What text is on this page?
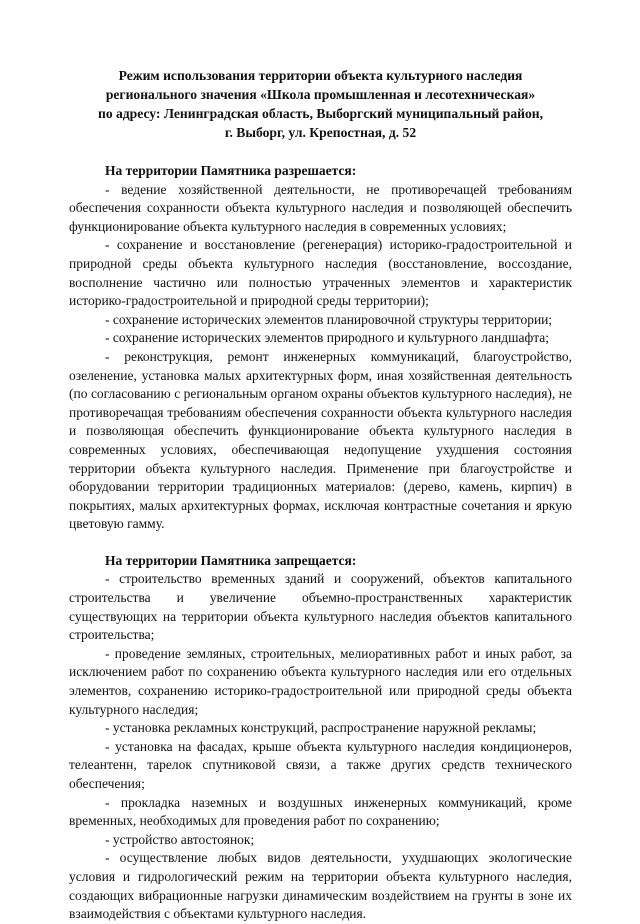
Режим использования территории объекта культурного наследия
регионального значения «Школа промышленная и лесотехническая»
по адресу: Ленинградская область, Выборгский муниципальный район,
г. Выборг, ул. Крепостная, д. 52

На территории Памятника разрешается:

- ведение хозяйственной деятельности, не противоречащей требованиям обеспечения сохранности объекта культурного наследия и позволяющей обеспечить функционирование объекта культурного наследия в современных условиях;

- сохранение и восстановление (регенерация) историко-градостроительной и природной среды объекта культурного наследия (восстановление, воссоздание, восполнение частично или полностью утраченных элементов и характеристик историко-градостроительной и природной среды территории);

- сохранение исторических элементов планировочной структуры территории;

- сохранение исторических элементов природного и культурного ландшафта;

- реконструкция, ремонт инженерных коммуникаций, благоустройство, озеленение, установка малых архитектурных форм, иная хозяйственная деятельность (по согласованию с региональным органом охраны объектов культурного наследия), не противоречащая требованиям обеспечения сохранности объекта культурного наследия и позволяющая обеспечить функционирование объекта культурного наследия в современных условиях, обеспечивающая недопущение ухудшения состояния территории объекта культурного наследия. Применение при благоустройстве и оборудовании территории традиционных материалов: (дерево, камень, кирпич) в покрытиях, малых архитектурных формах, исключая контрастные сочетания и яркую цветовую гамму.

На территории Памятника запрещается:

- строительство временных зданий и сооружений, объектов капитального строительства и увеличение объемно-пространственных характеристик существующих на территории объекта культурного наследия объектов капитального строительства;

- проведение земляных, строительных, мелиоративных работ и иных работ, за исключением работ по сохранению объекта культурного наследия или его отдельных элементов, сохранению историко-градостроительной или природной среды объекта культурного наследия;

- установка рекламных конструкций, распространение наружной рекламы;

- установка на фасадах, крыше объекта культурного наследия кондиционеров, телеантенн, тарелок спутниковой связи, а также других средств технического обеспечения;

- прокладка наземных и воздушных инженерных коммуникаций, кроме временных, необходимых для проведения работ по сохранению;

- устройство автостоянок;

- осуществление любых видов деятельности, ухудшающих экологические условия и гидрологический режим на территории объекта культурного наследия, создающих вибрационные нагрузки динамическим воздействием на грунты в зоне их взаимодействия с объектами культурного наследия.
